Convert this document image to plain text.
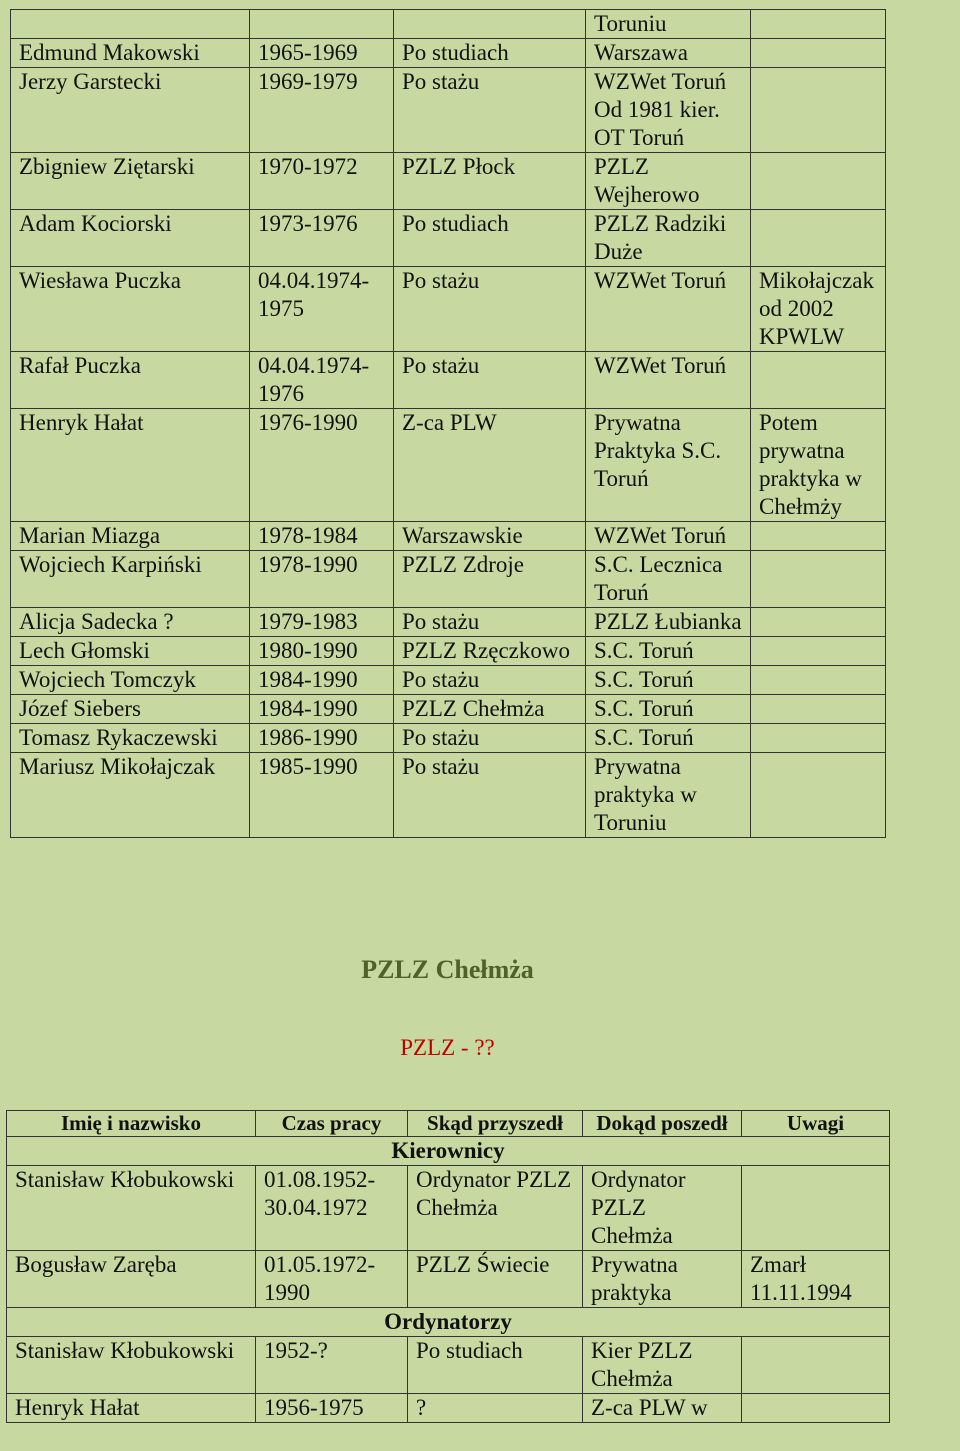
			Toruniu	
Edmund Makowski	1965-1969	Po studiach	Warszawa	
Jerzy Garstecki	1969-1979	Po stażu	WZWet Toruń Od 1981 kier. OT Toruń	
Zbigniew Ziętarski	1970-1972	PZLZ Płock	PZLZ Wejherowo	
Adam Kociorski	1973-1976	Po studiach	PZLZ Radziki Duże	
Wiesława Puczka	04.04.1974-1975	Po stażu	WZWet Toruń	Mikołajczak od 2002 KPWLW
Rafał Puczka	04.04.1974-1976	Po stażu	WZWet Toruń	
Henryk Hałat	1976-1990	Z-ca PLW	Prywatna Praktyka S.C. Toruń	Potem prywatna praktyka w Chełmży
Marian Miazga	1978-1984	Warszawskie	WZWet Toruń	
Wojciech Karpiński	1978-1990	PZLZ Zdroje	S.C. Lecznica Toruń	
Alicja Sadecka ?	1979-1983	Po stażu	PZLZ Łubianka	
Lech Głomski	1980-1990	PZLZ Rzęczkowo	S.C. Toruń	
Wojciech Tomczyk	1984-1990	Po stażu	S.C. Toruń	
Józef Siebers	1984-1990	PZLZ Chełmża	S.C. Toruń	
Tomasz Rykaczewski	1986-1990	Po stażu	S.C. Toruń	
Mariusz Mikołajczak	1985-1990	Po stażu	Prywatna praktyka w Toruniu	
PZLZ Chełmża

PZLZ - ??

Imię i nazwisko	Czas pracy	Skąd przyszedł	Dokąd poszedł	Uwagi
Kierownicy				
Stanisław Kłobukowski	01.08.1952-30.04.1972	Ordynator PZLZ Chełmża	Ordynator PZLZ Chełmża	
Bogusław Zaręba	01.05.1972-1990	PZLZ Świecie	Prywatna praktyka	Zmarł 11.11.1994
Ordynatorzy				
Stanisław Kłobukowski	1952-?	Po studiach	Kier PZLZ Chełmża	
Henryk Hałat	1956-1975	?	Z-ca PLW w	
